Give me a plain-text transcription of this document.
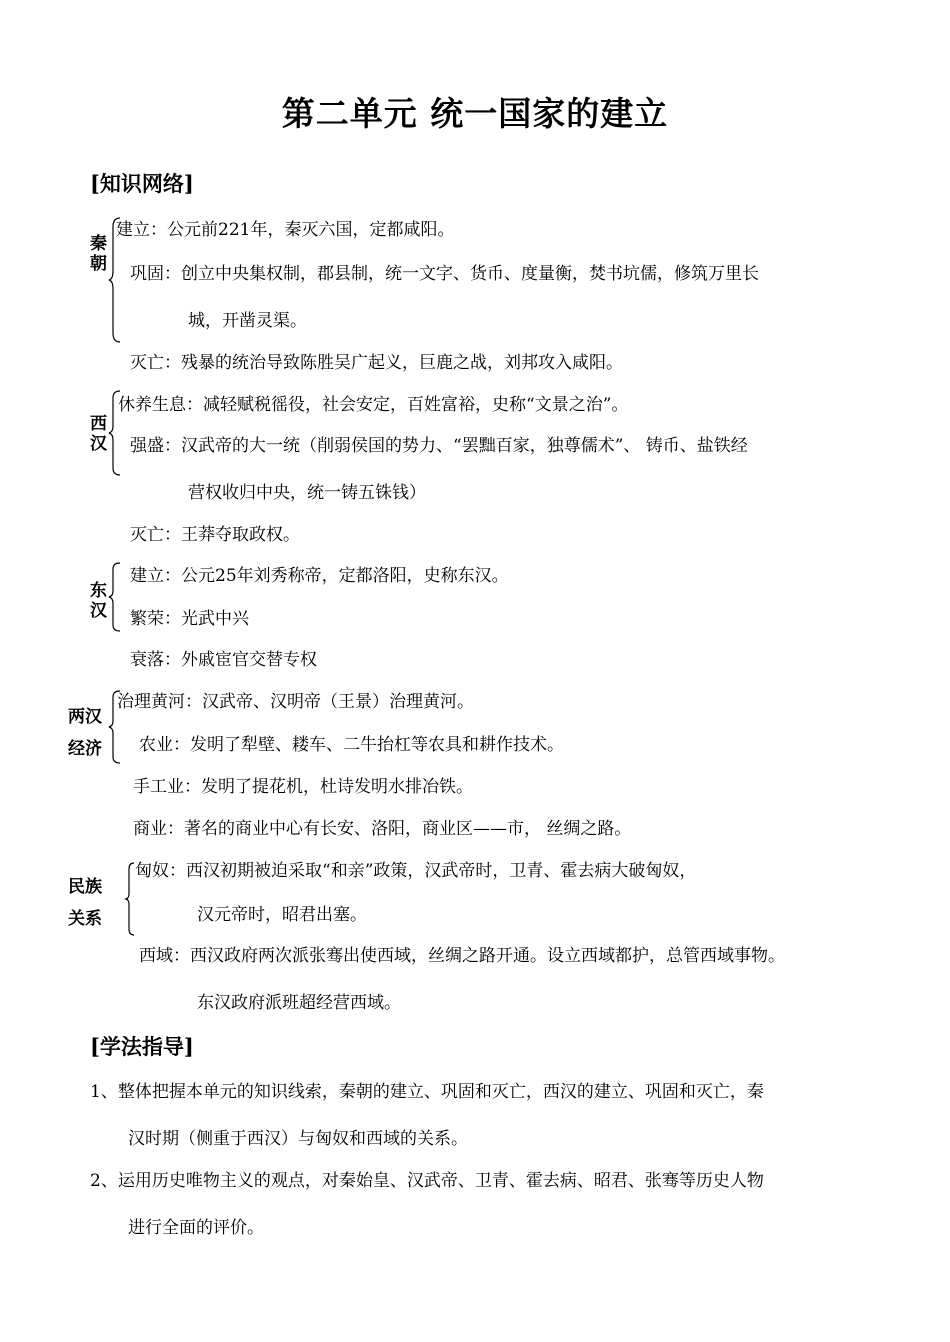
第二单元 统一国家的建立
[知识网络]
秦
朝
建立：公元前221年，秦灭六国，定都咸阳。
巩固：创立中央集权制，郡县制，统一文字、货币、度量衡，焚书坑儒，修筑万里长
城，开凿灵渠。
灭亡：残暴的统治导致陈胜吴广起义，巨鹿之战，刘邦攻入咸阳。
西
汉
休养生息：减轻赋税徭役，社会安定，百姓富裕，史称“文景之治”。
强盛：汉武帝的大一统（削弱侯国的势力、“罢黜百家，独尊儒术”、 铸币、盐铁经
营权收归中央，统一铸五铢钱）
灭亡：王莽夺取政权。
东
汉
建立：公元25年刘秀称帝，定都洛阳，史称东汉。
繁荣：光武中兴
衰落：外戚宦官交替专权
两汉
经济
治理黄河：汉武帝、汉明帝（王景）治理黄河。
农业：发明了犁壁、耧车、二牛抬杠等农具和耕作技术。
手工业：发明了提花机，杜诗发明水排冶铁。
商业：著名的商业中心有长安、洛阳，商业区——市， 丝绸之路。
民族
关系
匈奴：西汉初期被迫采取“和亲”政策，汉武帝时，卫青、霍去病大破匈奴，
汉元帝时，昭君出塞。
西域：西汉政府两次派张骞出使西域，丝绸之路开通。设立西域都护，总管西域事物。
东汉政府派班超经营西域。
[学法指导]
1、整体把握本单元的知识线索，秦朝的建立、巩固和灭亡，西汉的建立、巩固和灭亡，秦
汉时期（侧重于西汉）与匈奴和西域的关系。
2、运用历史唯物主义的观点，对秦始皇、汉武帝、卫青、霍去病、昭君、张骞等历史人物
进行全面的评价。
